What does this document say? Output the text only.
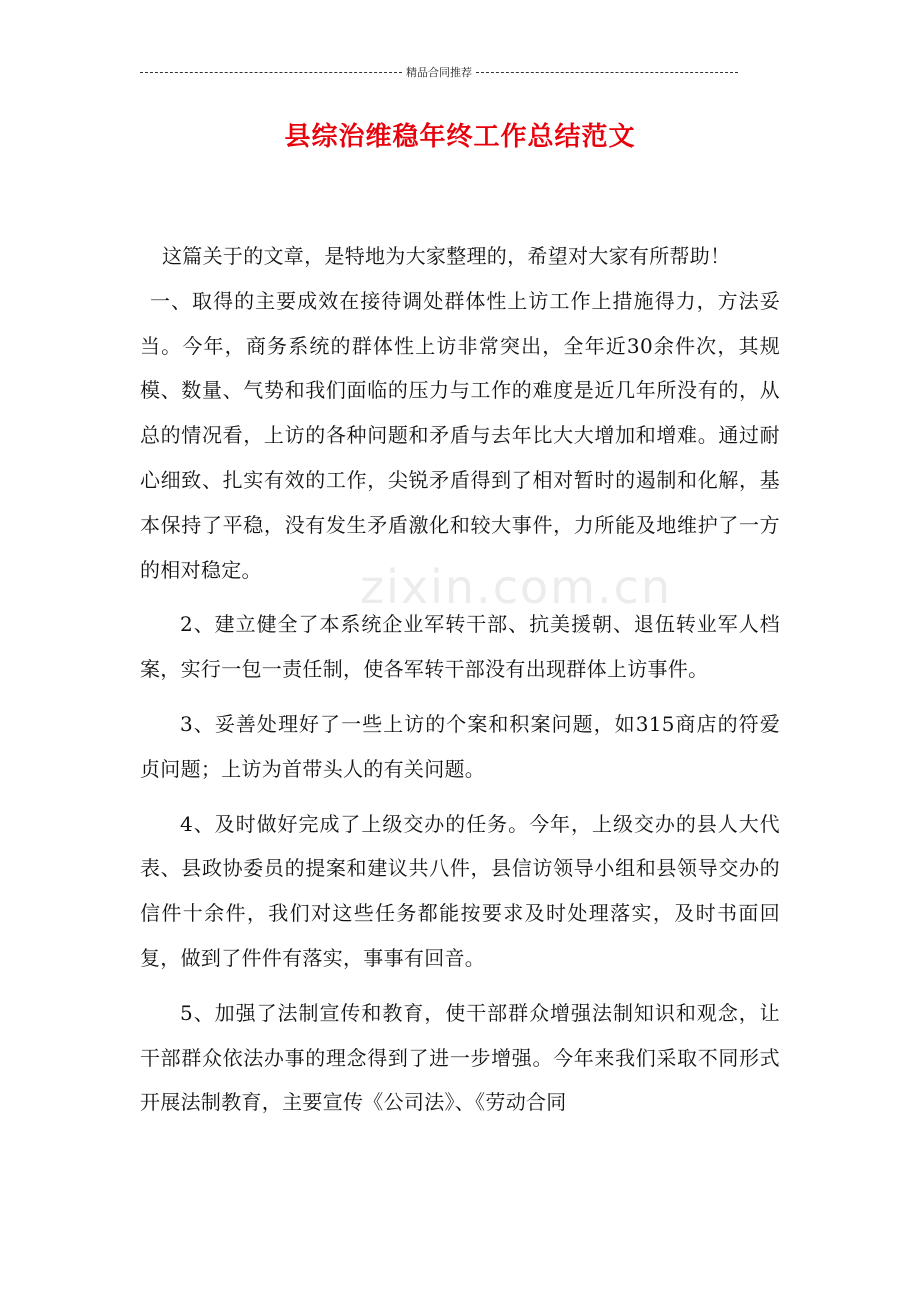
精品合同推荐
县综治维稳年终工作总结范文
zixin.com.cn

这篇关于的文章，是特地为大家整理的，希望对大家有所帮助！

一、取得的主要成效在接待调处群体性上访工作上措施得力，方法妥当。今年，商务系统的群体性上访非常突出，全年近30余件次，其规模、数量、气势和我们面临的压力与工作的难度是近几年所没有的，从总的情况看，上访的各种问题和矛盾与去年比大大增加和增难。通过耐心细致、扎实有效的工作，尖锐矛盾得到了相对暂时的遏制和化解，基本保持了平稳，没有发生矛盾激化和较大事件，力所能及地维护了一方的相对稳定。

2、建立健全了本系统企业军转干部、抗美援朝、退伍转业军人档案，实行一包一责任制，使各军转干部没有出现群体上访事件。

3、妥善处理好了一些上访的个案和积案问题，如315商店的符爱贞问题；上访为首带头人的有关问题。

4、及时做好完成了上级交办的任务。今年，上级交办的县人大代表、县政协委员的提案和建议共八件，县信访领导小组和县领导交办的信件十余件，我们对这些任务都能按要求及时处理落实，及时书面回复，做到了件件有落实，事事有回音。

5、加强了法制宣传和教育，使干部群众增强法制知识和观念，让干部群众依法办事的理念得到了进一步增强。今年来我们采取不同形式开展法制教育，主要宣传《公司法》、《劳动合同
